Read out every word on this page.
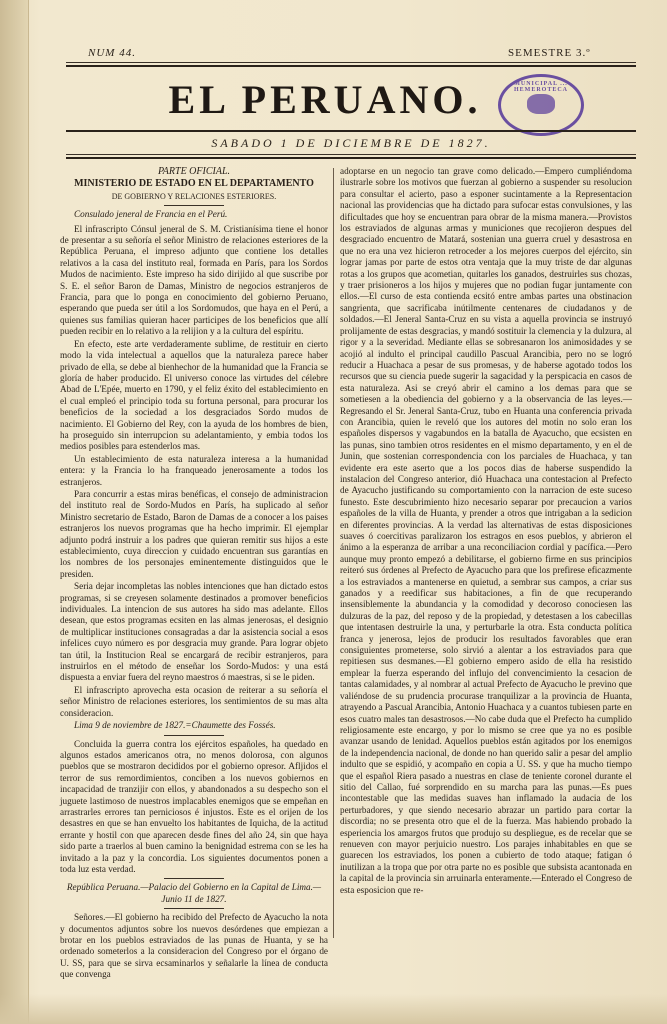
NUM 44.	SEMESTRE 3.º
EL PERUANO.	MUNICIPAL ... HEMEROTECA
SABADO 1 DE DICIEMBRE DE 1827.

PARTE OFICIAL.

MINISTERIO DE ESTADO EN EL DEPARTAMENTO

DE GOBIERNO Y RELACIONES ESTERIORES.

Consulado jeneral de Francia en el Perú.

El infrascripto Cónsul jeneral de S. M. Cristianísima tiene el honor de presentar a su señoría el señor Ministro de relaciones esteriores de la República Peruana, el impreso adjunto que contiene los detalles relativos a la casa del instituto real, formada en París, para los Sordos Mudos de nacimiento. Este impreso ha sido dirijido al que suscribe por S. E. el señor Baron de Damas, Ministro de negocios estranjeros de Francia, para que lo ponga en conocimiento del gobierno Peruano, esperando que pueda ser útil a los Sordomudos, que haya en el Perú, a quienes sus familias quieran hacer participes de los beneficios que allí pueden recibir en lo relativo a la relijion y a la cultura del espíritu.

En efecto, este arte verdaderamente sublime, de restituir en cierto modo la vida intelectual a aquellos que la naturaleza parece haber privado de ella, se debe al bienhechor de la humanidad que la Francia se gloría de haber producido. El universo conoce las virtudes del célebre Abad de L'Epée, muerto en 1790, y el feliz éxito del establecimiento en el cual empleó el principio toda su fortuna personal, para procurar los beneficios de la sociedad a los desgraciados Sordo mudos de nacimiento. El Gobierno del Rey, con la ayuda de los hombres de bien, ha proseguido sin interrupcion su adelantamiento, y embia todos los medios posibles para estenderlos mas.

Un establecimiento de esta naturaleza interesa a la humanidad entera: y la Francia lo ha franqueado jenerosamente a todos los estranjeros.

Para concurrir a estas miras benéficas, el consejo de administracion del instituto real de Sordo-Mudos en París, ha suplicado al señor Ministro secretario de Estado, Baron de Damas de a conocer a los paises estranjeros los nuevos programas que ha hecho imprimir. El ejemplar adjunto podrá instruir a los padres que quieran remitir sus hijos a este establecimiento, cuya direccion y cuidado encuentran sus garantías en los nombres de los personajes eminentemente distinguidos que le presiden.

Seria dejar incompletas las nobles intenciones que han dictado estos programas, si se creyesen solamente destinados a promover beneficios individuales. La intencion de sus autores ha sido mas adelante. Ellos desean, que estos programas ecsiten en las almas jenerosas, el designio de multiplicar instituciones consagradas a dar la asistencia social a esos infelices cuyo número es por desgracia muy grande. Para lograr objeto tan útil, la Institucion Real se encargará de recibir estranjeros, para instruirlos en el método de enseñar los Sordo-Mudos: y una está dispuesta a enviar fuera del reyno maestros ó maestras, si se le piden.

El infrascripto aprovecha esta ocasion de reiterar a su señoría el señor Ministro de relaciones esteriores, los sentimientos de su mas alta consideracion.

Lima 9 de noviembre de 1827.=Chaumette des Fossés.

Concluida la guerra contra los ejércitos españoles, ha quedado en algunos estados americanos otra, no menos dolorosa, con algunos pueblos que se mostraron decididos por el gobierno opresor. Afljidos el terror de sus remordimientos, conciben a los nuevos gobiernos en incapacidad de tranzijir con ellos, y abandonados a su despecho son el juguete lastimoso de nuestros implacables enemigos que se empeñan en arrastrarles errores tan perniciosos é injustos. Este es el orijen de los desastres en que se han envuelto los habitantes de Iquicha, de la actitud errante y hostil con que aparecen desde fines del año 24, sin que haya sido parte a traerlos al buen camino la benignidad estrema con se les ha invitado a la paz y la concordia. Los siguientes documentos ponen a toda luz esta verdad.

República Peruana.—Palacio del Gobierno en la Capital de Lima.—Junio 11 de 1827.

Señores.—El gobierno ha recibido del Prefecto de Ayacucho la nota y documentos adjuntos sobre los nuevos desórdenes que empiezan a brotar en los pueblos estraviados de las punas de Huanta, y se ha ordenado someterlos a la consideracion del Congreso por el órgano de U. SS, para que se sirva ecsaminarlos y señalarle la línea de conducta que convenga

adoptarse en un negocio tan grave como delicado.—Empero cumpliéndoma ilustrarle sobre los motivos que fuerzan al gobierno a suspender su resolucion para consultar el acierto, paso a esponer sucintamente a la Representacion nacional las providencias que ha dictado para sufocar estas convulsiones, y las dificultades que hoy se encuentran para obrar de la misma manera.—Provistos los estraviados de algunas armas y municiones que recojieron despues del desgraciado encuentro de Matará, sostenian una guerra cruel y desastrosa en que no era una vez hicieron retroceder a los mejores cuerpos del ejército, sin lograr jamas por parte de estos otra ventaja que la muy triste de dar algunas rotas a los grupos que acometian, quitarles los ganados, destruirles sus chozas, y traer prisioneros a los hijos y mujeres que no podian fugar juntamente con ellos.—El curso de esta contienda ecsitó entre ambas partes una obstinacion sangrienta, que sacrificaba inútilmente centenares de ciudadanos y de soldados.—El Jeneral Santa-Cruz en su vista a aquella provincia se instruyó prolijamente de estas desgracias, y mandó sostituir la clemencia y la dulzura, al rigor y a la severidad. Mediante ellas se sobresanaron los animosidades y se acojió al indulto el principal caudillo Pascual Arancibia, pero no se logró reducir a Huachaca a pesar de sus promesas, y de haberse agotado todos los recursos que su ciencia puede sugerir la sagacidad y la perspicacia en casos de esta naturaleza. Asi se creyó abrir el camino a los demas para que se sometiesen a la obediencia del gobierno y a la observancia de las leyes.—Regresando el Sr. Jeneral Santa-Cruz, tubo en Huanta una conferencia privada con Arancibia, quien le reveló que los autores del motin no solo eran los españoles dispersos y vagabundos en la batalla de Ayacucho, que ecsisten en las punas, sino tambien otros residentes en el mismo departamento, y en el de Junin, que sostenian correspondencia con los parciales de Huachaca, y tan evidente era este aserto que a los pocos dias de haberse suspendido la instalacion del Congreso anterior, dió Huachaca una contestacion al Prefecto de Ayacucho justificando su comportamiento con la narracion de este suceso funesto. Este descubrimiento hizo necesario separar por precaucion a varios españoles de la villa de Huanta, y prender a otros que intrigaban a la sedicion en diferentes provincias. A la verdad las alternativas de estas disposiciones suaves ó coercitivas paralizaron los estragos en esos pueblos, y abrieron el ánimo a la esperanza de arribar a una reconciliacion cordial y pacífica.—Pero aunque muy pronto empezó a debilitarse, el gobierno firme en sus principios reiteró sus órdenes al Prefecto de Ayacucho para que los prefirese eficazmente a los estraviados a mantenerse en quietud, a sembrar sus campos, a criar sus ganados y a reedificar sus habitaciones, a fin de que recuperando insensiblemente la abundancia y la comodidad y decoroso conociesen las dulzuras de la paz, del reposo y de la propiedad, y detestasen a los cabecillas que intentasen destruirle la una, y perturbarle la otra. Esta conducta política franca y jenerosa, lejos de producir los resultados favorables que eran consiguientes prometerse, solo sirvió a alentar a los estraviados para que repitiesen sus desmanes.—El gobierno empero asido de ella ha resistido emplear la fuerza esperando del influjo del convencimiento la cesacion de tantas calamidades, y al nombrar al actual Prefecto de Ayacucho le previno que valiéndose de su prudencia procurase tranquilizar a la provincia de Huanta, atrayendo a Pascual Arancibia, Antonio Huachaca y a cuantos tubiesen parte en esos cuatro males tan desastrosos.—No cabe duda que el Prefecto ha cumplido religiosamente este encargo, y por lo mismo se cree que ya no es posible avanzar usando de lenidad. Aquellos pueblos están agitados por los enemigos de la independencia nacional, de donde no han querido salir a pesar del amplio indulto que se espidió, y acompaño en copia a U. SS. y que ha mucho tiempo que el español Riera pasado a nuestras en clase de teniente coronel durante el sitio del Callao, fué sorprendido en su marcha para las punas.—Es pues incontestable que las medidas suaves han inflamado la audacia de los perturbadores, y que siendo necesario abrazar un partido para cortar la discordia; no se presenta otro que el de la fuerza. Mas habiendo probado la esperiencia los amargos frutos que produjo su despliegue, es de recelar que se renueven con mayor perjuicio nuestro. Los parajes inhabitables en que se guarecen los estraviados, los ponen a cubierto de todo ataque; fatigan ó inutilizan a la tropa que por otra parte no es posible que subsista acantonada en la capital de la provincia sin arruinarla enteramente.—Enterado el Congreso de esta esposicion que re-
